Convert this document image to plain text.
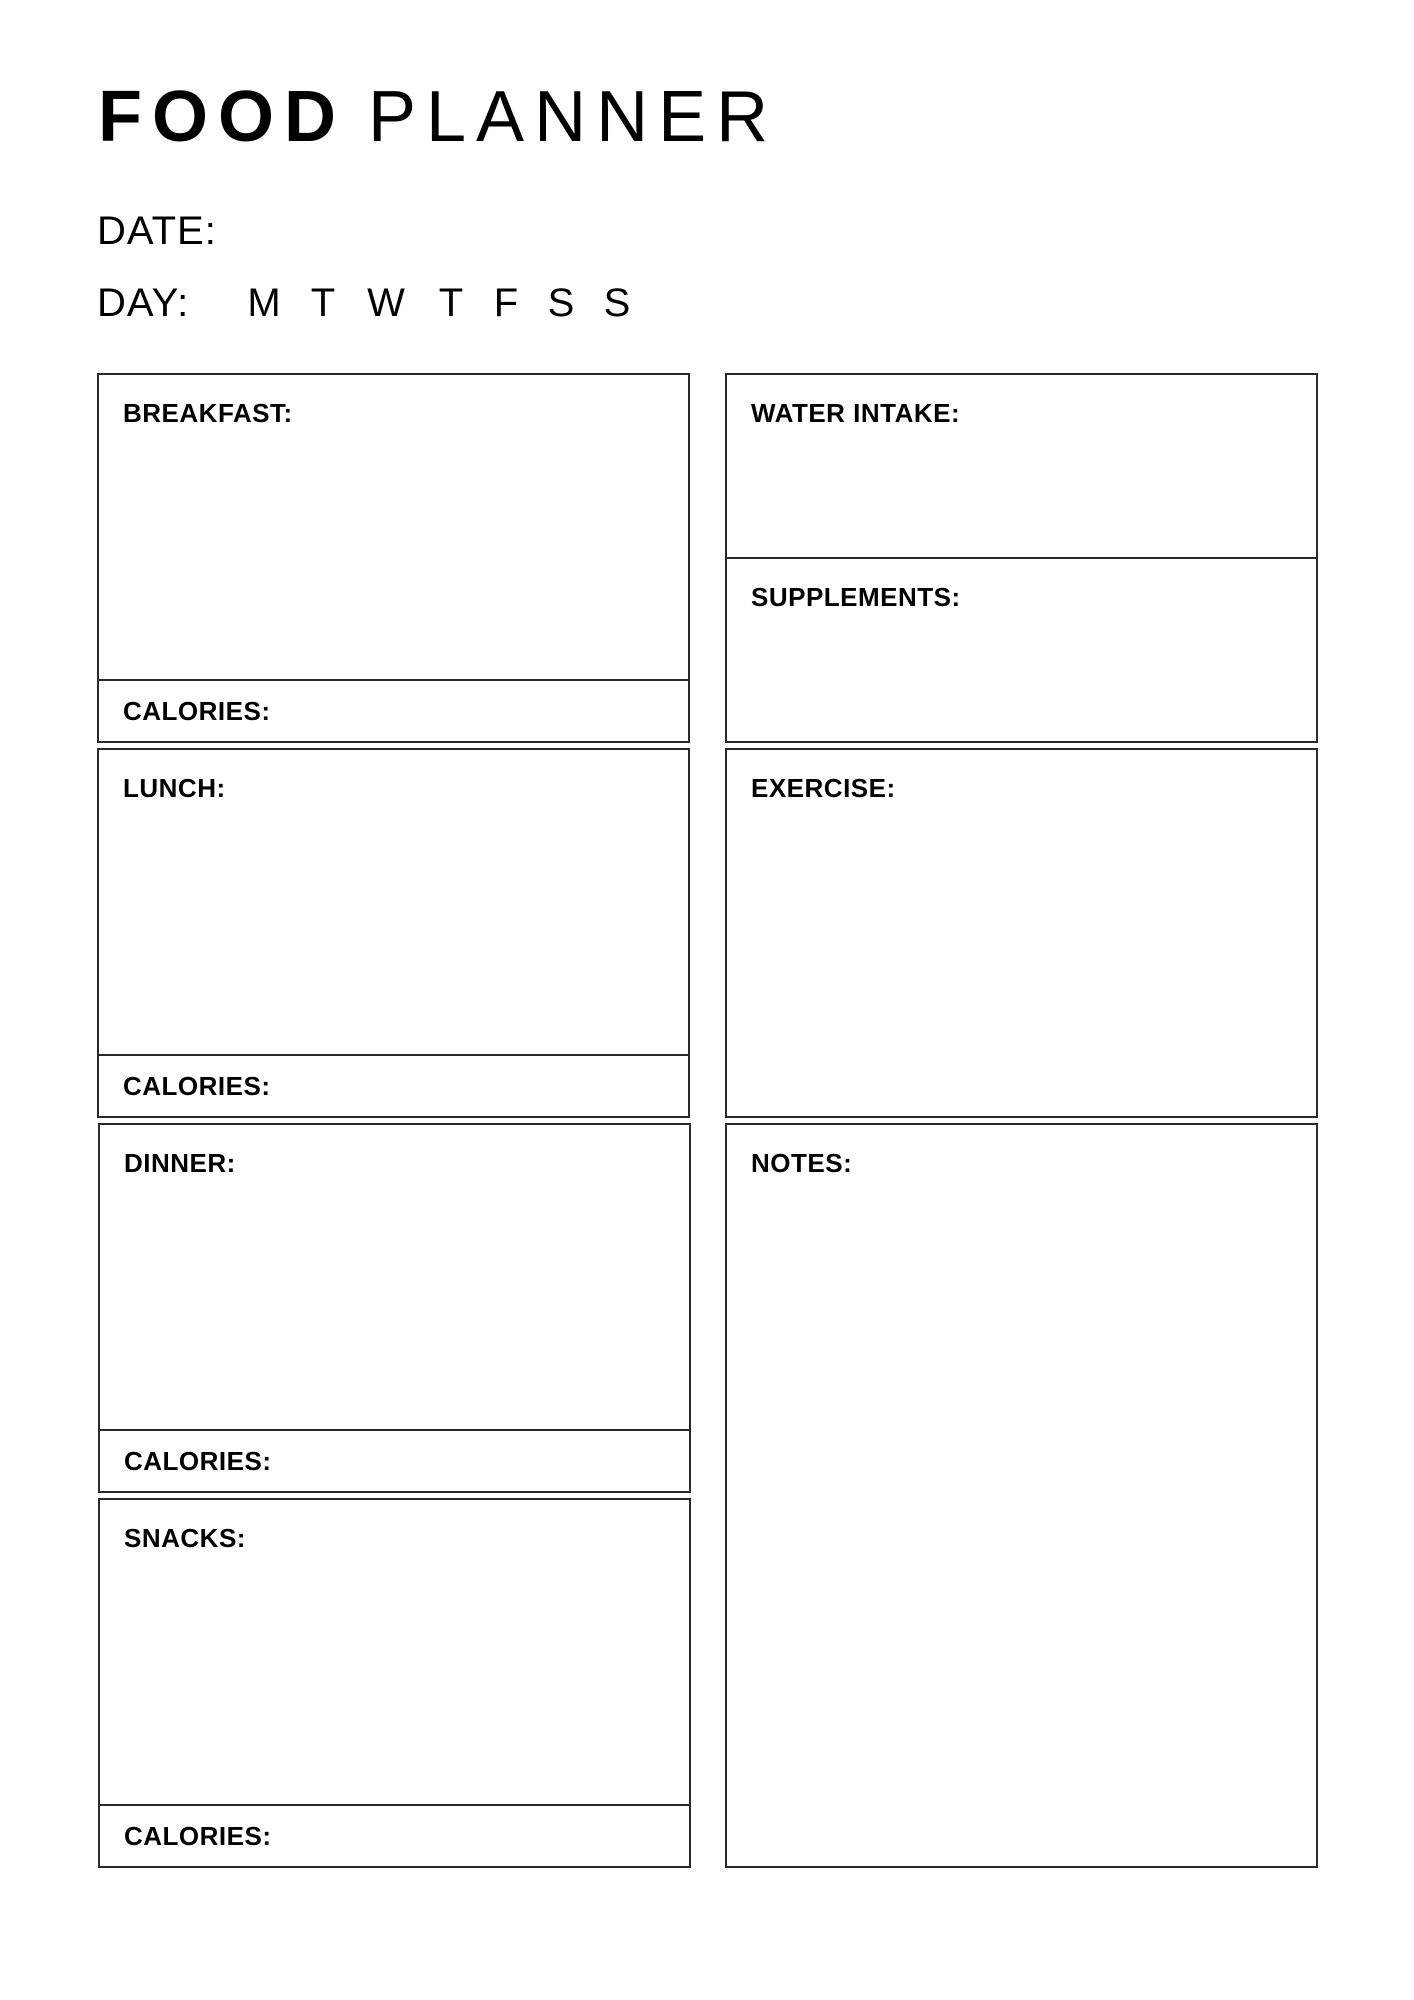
FOOD PLANNER
DATE:
DAY: M T W T F S S
BREAKFAST:
CALORIES:
LUNCH:
CALORIES:
DINNER:
CALORIES:
SNACKS:
CALORIES:
WATER INTAKE:
SUPPLEMENTS:
EXERCISE:
NOTES:
